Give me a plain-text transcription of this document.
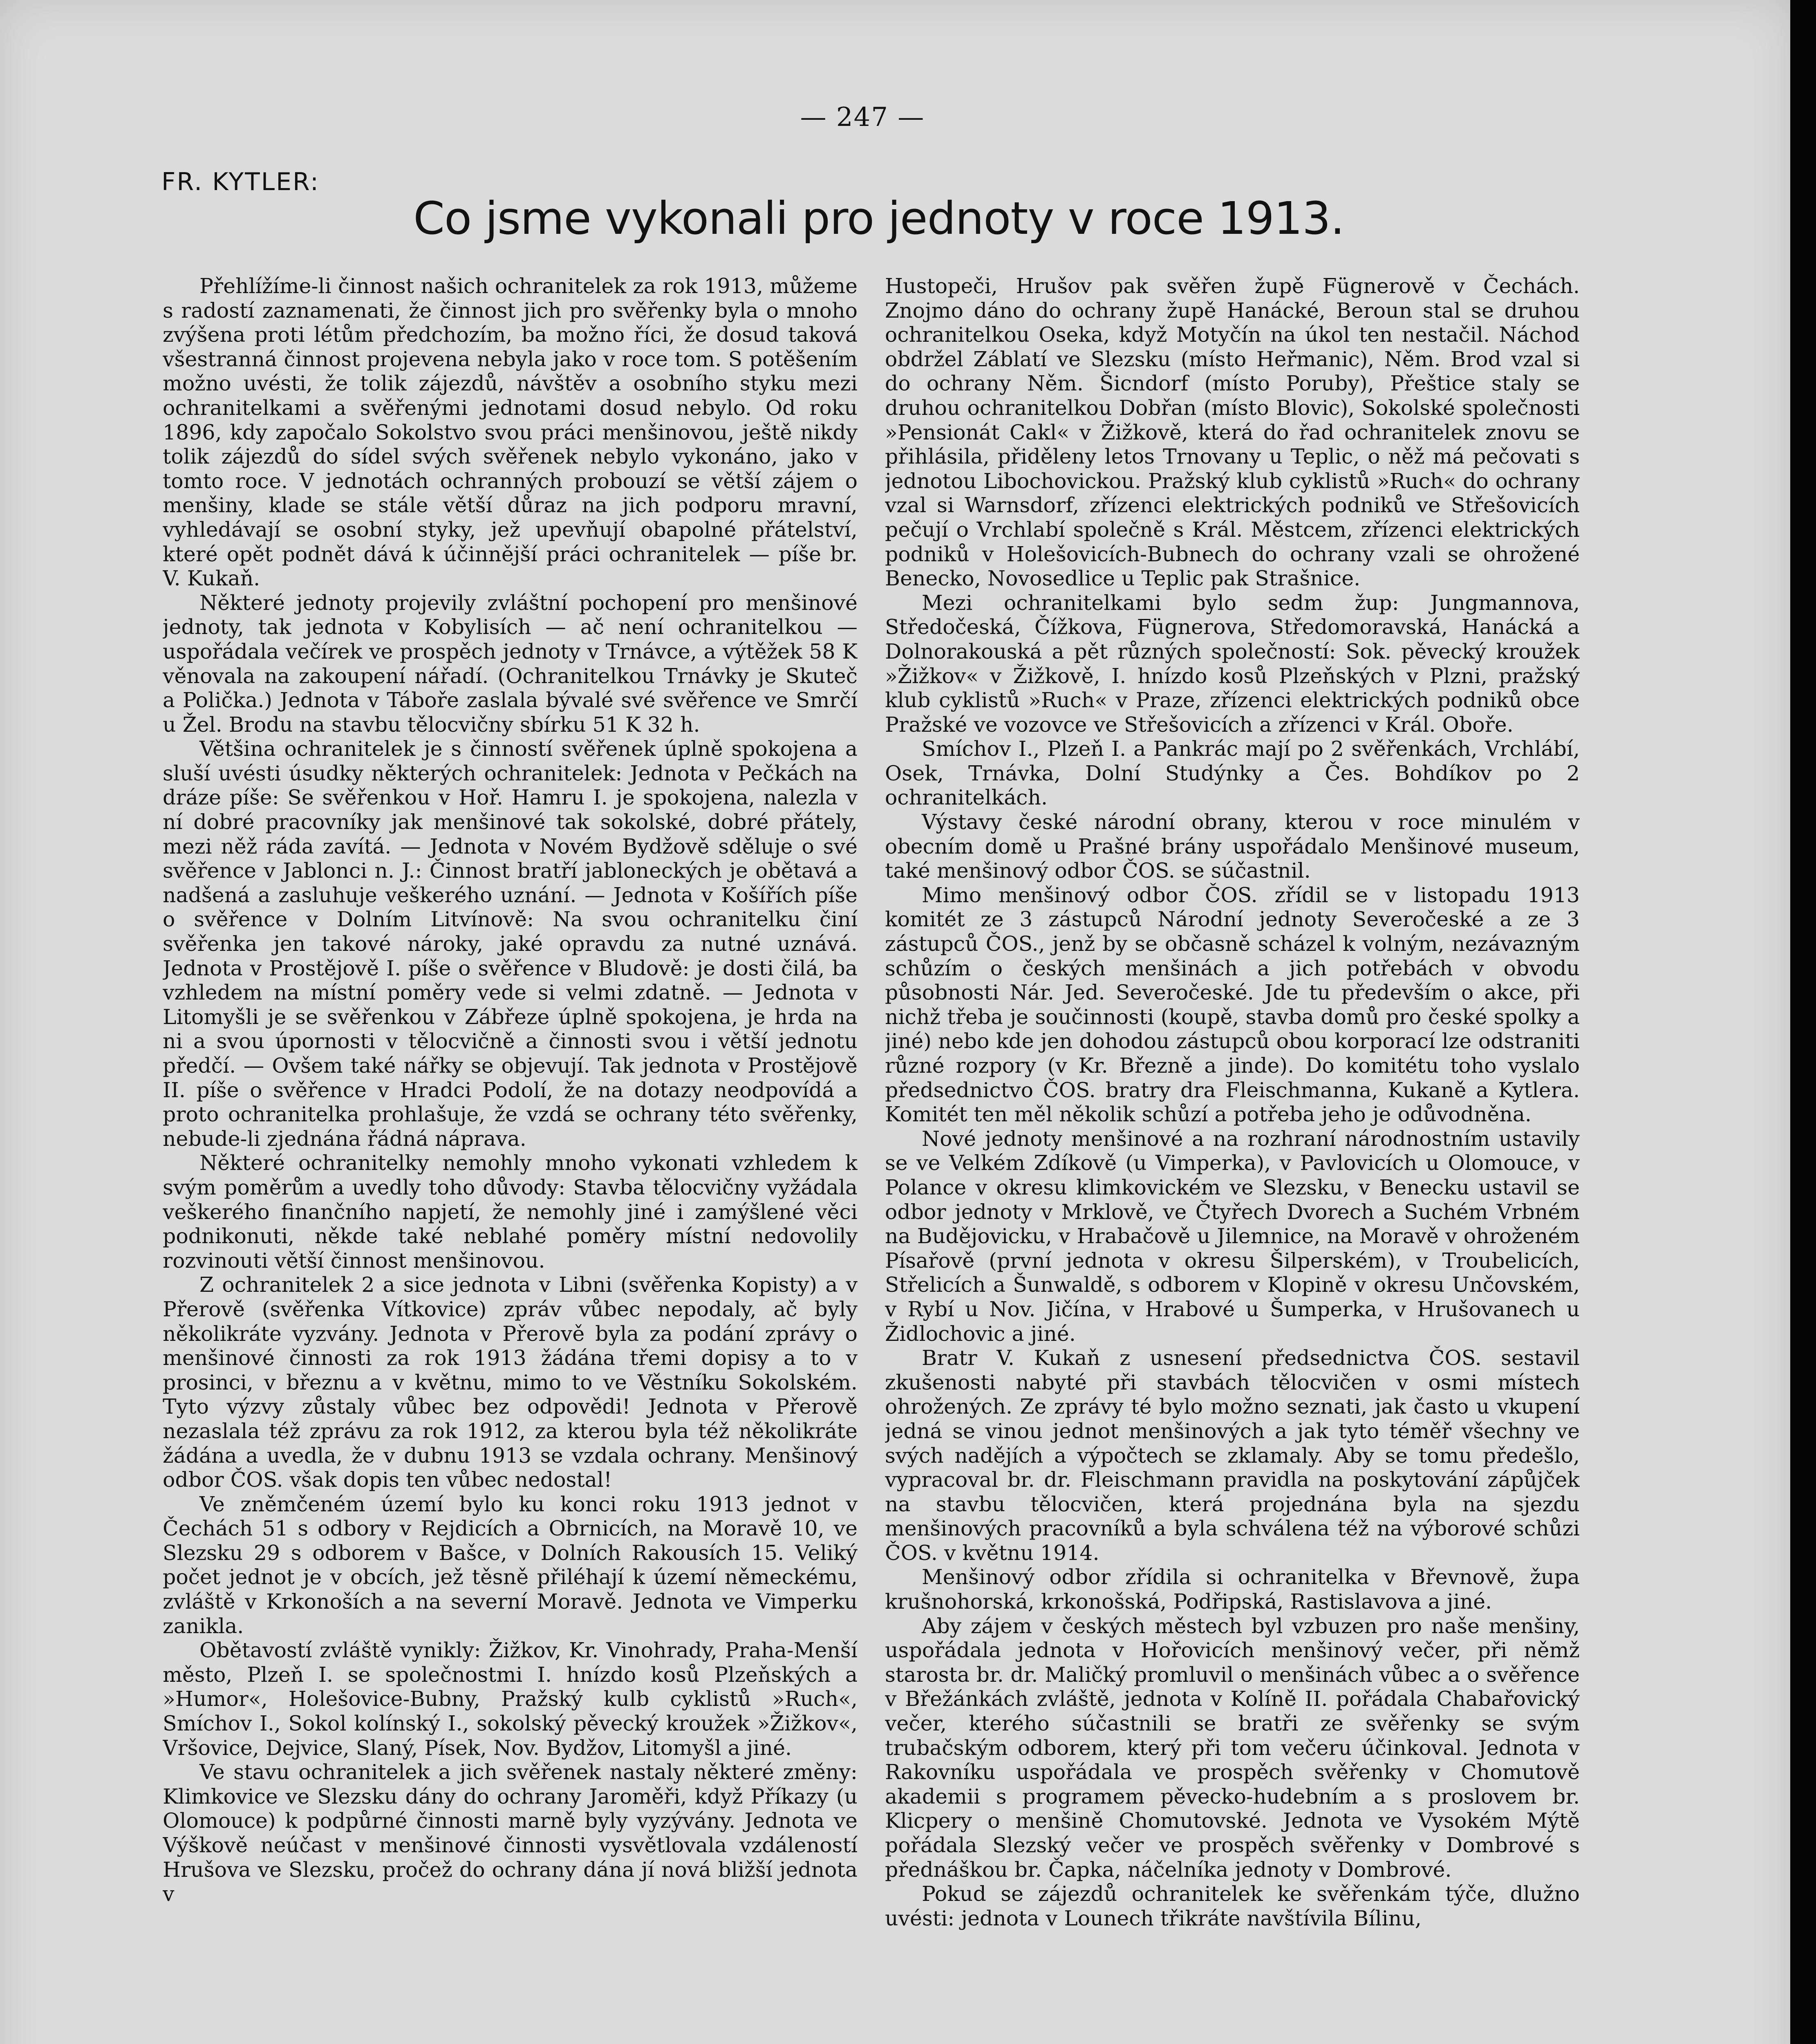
— 247 —
FR. KYTLER:
Co jsme vykonali pro jednoty v roce 1913.

Přehlížíme-li činnost našich ochranitelek za rok 1913, můžeme s radostí zaznamenati, že činnost jich pro svěřenky byla o mnoho zvýšena proti létům předchozím, ba možno říci, že dosud taková všestranná činnost projevena nebyla jako v roce tom. S potěšením možno uvésti, že tolik zájezdů, návštěv a osobního styku mezi ochranitelkami a svěřenými jednotami dosud nebylo. Od roku 1896, kdy započalo Sokolstvo svou práci menšinovou, ještě nikdy tolik zájezdů do sídel svých svěřenek nebylo vykonáno, jako v tomto roce. V jednotách ochranných probouzí se větší zájem o menšiny, klade se stále větší důraz na jich podporu mravní, vyhledávají se osobní styky, jež upevňují obapolné přátelství, které opět podnět dává k účinnější práci ochranitelek — píše br. V. Kukaň.

Některé jednoty projevily zvláštní pochopení pro menšinové jednoty, tak jednota v Kobylisích — ač není ochranitelkou — uspořádala večírek ve prospěch jednoty v Trnávce, a výtěžek 58 K věnovala na zakoupení nářadí. (Ochranitelkou Trnávky je Skuteč a Polička.) Jednota v Táboře zaslala bývalé své svěřence ve Smrčí u Žel. Brodu na stavbu tělocvičny sbírku 51 K 32 h.

Většina ochranitelek je s činností svěřenek úplně spokojena a sluší uvésti úsudky některých ochranitelek: Jednota v Pečkách na dráze píše: Se svěřenkou v Hoř. Hamru I. je spokojena, nalezla v ní dobré pracovníky jak menšinové tak sokolské, dobré přátely, mezi něž ráda zavítá. — Jednota v Novém Bydžově sděluje o své svěřence v Jablonci n. J.: Činnost bratří jabloneckých je obětavá a nadšená a zasluhuje veškerého uznání. — Jednota v Košířích píše o svěřence v Dolním Litvínově: Na svou ochranitelku činí svěřenka jen takové nároky, jaké opravdu za nutné uznává. Jednota v Prostějově I. píše o svěřence v Bludově: je dosti čilá, ba vzhledem na místní poměry vede si velmi zdatně. — Jednota v Litomyšli je se svěřenkou v Zábřeze úplně spokojena, je hrda na ni a svou úpornosti v tělocvičně a činnosti svou i větší jednotu předčí. — Ovšem také nářky se objevují. Tak jednota v Prostějově II. píše o svěřence v Hradci Podolí, že na dotazy neodpovídá a proto ochranitelka prohlašuje, že vzdá se ochrany této svěřenky, nebude-li zjednána řádná náprava.

Některé ochranitelky nemohly mnoho vykonati vzhledem k svým poměrům a uvedly toho důvody: Stavba tělocvičny vyžádala veškerého finančního napjetí, že nemohly jiné i zamýšlené věci podnikonuti, někde také neblahé poměry místní nedovolily rozvinouti větší činnost menšinovou.

Z ochranitelek 2 a sice jednota v Libni (svěřenka Kopisty) a v Přerově (svěřenka Vítkovice) zpráv vůbec nepodaly, ač byly několikráte vyzvány. Jednota v Přerově byla za podání zprávy o menšinové činnosti za rok 1913 žádána třemi dopisy a to v prosinci, v březnu a v květnu, mimo to ve Věstníku Sokolském. Tyto výzvy zůstaly vůbec bez odpovědi! Jednota v Přerově nezaslala též zprávu za rok 1912, za kterou byla též několikráte žádána a uvedla, že v dubnu 1913 se vzdala ochrany. Menšinový odbor ČOS. však dopis ten vůbec nedostal!

Ve zněmčeném území bylo ku konci roku 1913 jednot v Čechách 51 s odbory v Rejdicích a Obrnicích, na Moravě 10, ve Slezsku 29 s odborem v Bašce, v Dolních Rakousích 15. Veliký počet jednot je v obcích, jež těsně přiléhají k území německému, zvláště v Krkonoších a na severní Moravě. Jednota ve Vimperku zanikla.

Obětavostí zvláště vynikly: Žižkov, Kr. Vinohrady, Praha-Menší město, Plzeň I. se společnostmi I. hnízdo kosů Plzeňských a »Humor«, Holešovice-Bubny, Pražský kulb cyklistů »Ruch«, Smíchov I., Sokol kolínský I., sokolský pěvecký kroužek »Žižkov«, Vršovice, Dejvice, Slaný, Písek, Nov. Bydžov, Litomyšl a jiné.

Ve stavu ochranitelek a jich svěřenek nastaly některé změny: Klimkovice ve Slezsku dány do ochrany Jaroměři, když Příkazy (u Olomouce) k podpůrné činnosti marně byly vyzývány. Jednota ve Výškově neúčast v menšinové činnosti vysvětlovala vzdáleností Hrušova ve Slezsku, pročež do ochrany dána jí nová bližší jednota v

Hustopeči, Hrušov pak svěřen župě Fügnerově v Čechách. Znojmo dáno do ochrany župě Hanácké, Beroun stal se druhou ochranitelkou Oseka, když Motyčín na úkol ten nestačil. Náchod obdržel Záblatí ve Slezsku (místo Heřmanic), Něm. Brod vzal si do ochrany Něm. Šicndorf (místo Poruby), Přeštice staly se druhou ochranitelkou Dobřan (místo Blovic), Sokolské společnosti »Pensionát Cakl« v Žižkově, která do řad ochranitelek znovu se přihlásila, přiděleny letos Trnovany u Teplic, o něž má pečovati s jednotou Libochovickou. Pražský klub cyklistů »Ruch« do ochrany vzal si Warnsdorf, zřízenci elektrických podniků ve Střešovicích pečují o Vrchlabí společně s Král. Městcem, zřízenci elektrických podniků v Holešovicích-Bubnech do ochrany vzali se ohrožené Benecko, Novosedlice u Teplic pak Strašnice.

Mezi ochranitelkami bylo sedm žup: Jungmannova, Středočeská, Čížkova, Fügnerova, Středomoravská, Hanácká a Dolnorakouská a pět různých společností: Sok. pěvecký kroužek »Žižkov« v Žižkově, I. hnízdo kosů Plzeňských v Plzni, pražský klub cyklistů »Ruch« v Praze, zřízenci elektrických podniků obce Pražské ve vozovce ve Střešovicích a zřízenci v Král. Oboře.

Smíchov I., Plzeň I. a Pankrác mají po 2 svěřenkách, Vrchlábí, Osek, Trnávka, Dolní Studýnky a Čes. Bohdíkov po 2 ochranitelkách.

Výstavy české národní obrany, kterou v roce minulém v obecním domě u Prašné brány uspořádalo Menšinové museum, také menšinový odbor ČOS. se súčastnil.

Mimo menšinový odbor ČOS. zřídil se v listopadu 1913 komitét ze 3 zástupců Národní jednoty Severočeské a ze 3 zástupců ČOS., jenž by se občasně scházel k volným, nezávazným schůzím o českých menšinách a jich potřebách v obvodu působnosti Nár. Jed. Severočeské. Jde tu především o akce, při nichž třeba je součinnosti (koupě, stavba domů pro české spolky a jiné) nebo kde jen dohodou zástupců obou korporací lze odstraniti různé rozpory (v Kr. Březně a jinde). Do komitétu toho vyslalo předsednictvo ČOS. bratry dra Fleischmanna, Kukaně a Kytlera. Komitét ten měl několik schůzí a potřeba jeho je odůvodněna.

Nové jednoty menšinové a na rozhraní národnostním ustavily se ve Velkém Zdíkově (u Vimperka), v Pavlovicích u Olomouce, v Polance v okresu klimkovickém ve Slezsku, v Benecku ustavil se odbor jednoty v Mrklově, ve Čtyřech Dvorech a Suchém Vrbném na Budějovicku, v Hrabačově u Jilemnice, na Moravě v ohroženém Písařově (první jednota v okresu Šilperském), v Troubelicích, Střelicích a Šunwaldě, s odborem v Klopině v okresu Unčovském, v Rybí u Nov. Jičína, v Hrabové u Šumperka, v Hrušovanech u Židlochovic a jiné.

Bratr V. Kukaň z usnesení předsednictva ČOS. sestavil zkušenosti nabyté při stavbách tělocvičen v osmi místech ohrožených. Ze zprávy té bylo možno seznati, jak často u vkupení jedná se vinou jednot menšinových a jak tyto téměř všechny ve svých nadějích a výpočtech se zklamaly. Aby se tomu předešlo, vypracoval br. dr. Fleischmann pravidla na poskytování zápůjček na stavbu tělocvičen, která projednána byla na sjezdu menšinových pracovníků a byla schválena též na výborové schůzi ČOS. v květnu 1914.

Menšinový odbor zřídila si ochranitelka v Břevnově, župa krušnohorská, krkonošská, Podřipská, Rastislavova a jiné.

Aby zájem v českých městech byl vzbuzen pro naše menšiny, uspořádala jednota v Hořovicích menšinový večer, při němž starosta br. dr. Maličký promluvil o menšinách vůbec a o svěřence v Břežánkách zvláště, jednota v Kolíně II. pořádala Chabařovický večer, kterého súčastnili se bratři ze svěřenky se svým trubačským odborem, který při tom večeru účinkoval. Jednota v Rakovníku uspořádala ve prospěch svěřenky v Chomutově akademii s programem pěvecko-hudebním a s proslovem br. Klicpery o menšině Chomutovské. Jednota ve Vysokém Mýtě pořádala Slezský večer ve prospěch svěřenky v Dombrové s přednáškou br. Čapka, náčelníka jednoty v Dombrové.

Pokud se zájezdů ochranitelek ke svěřenkám týče, dlužno uvésti: jednota v Lounech třikráte navštívila Bílinu,
